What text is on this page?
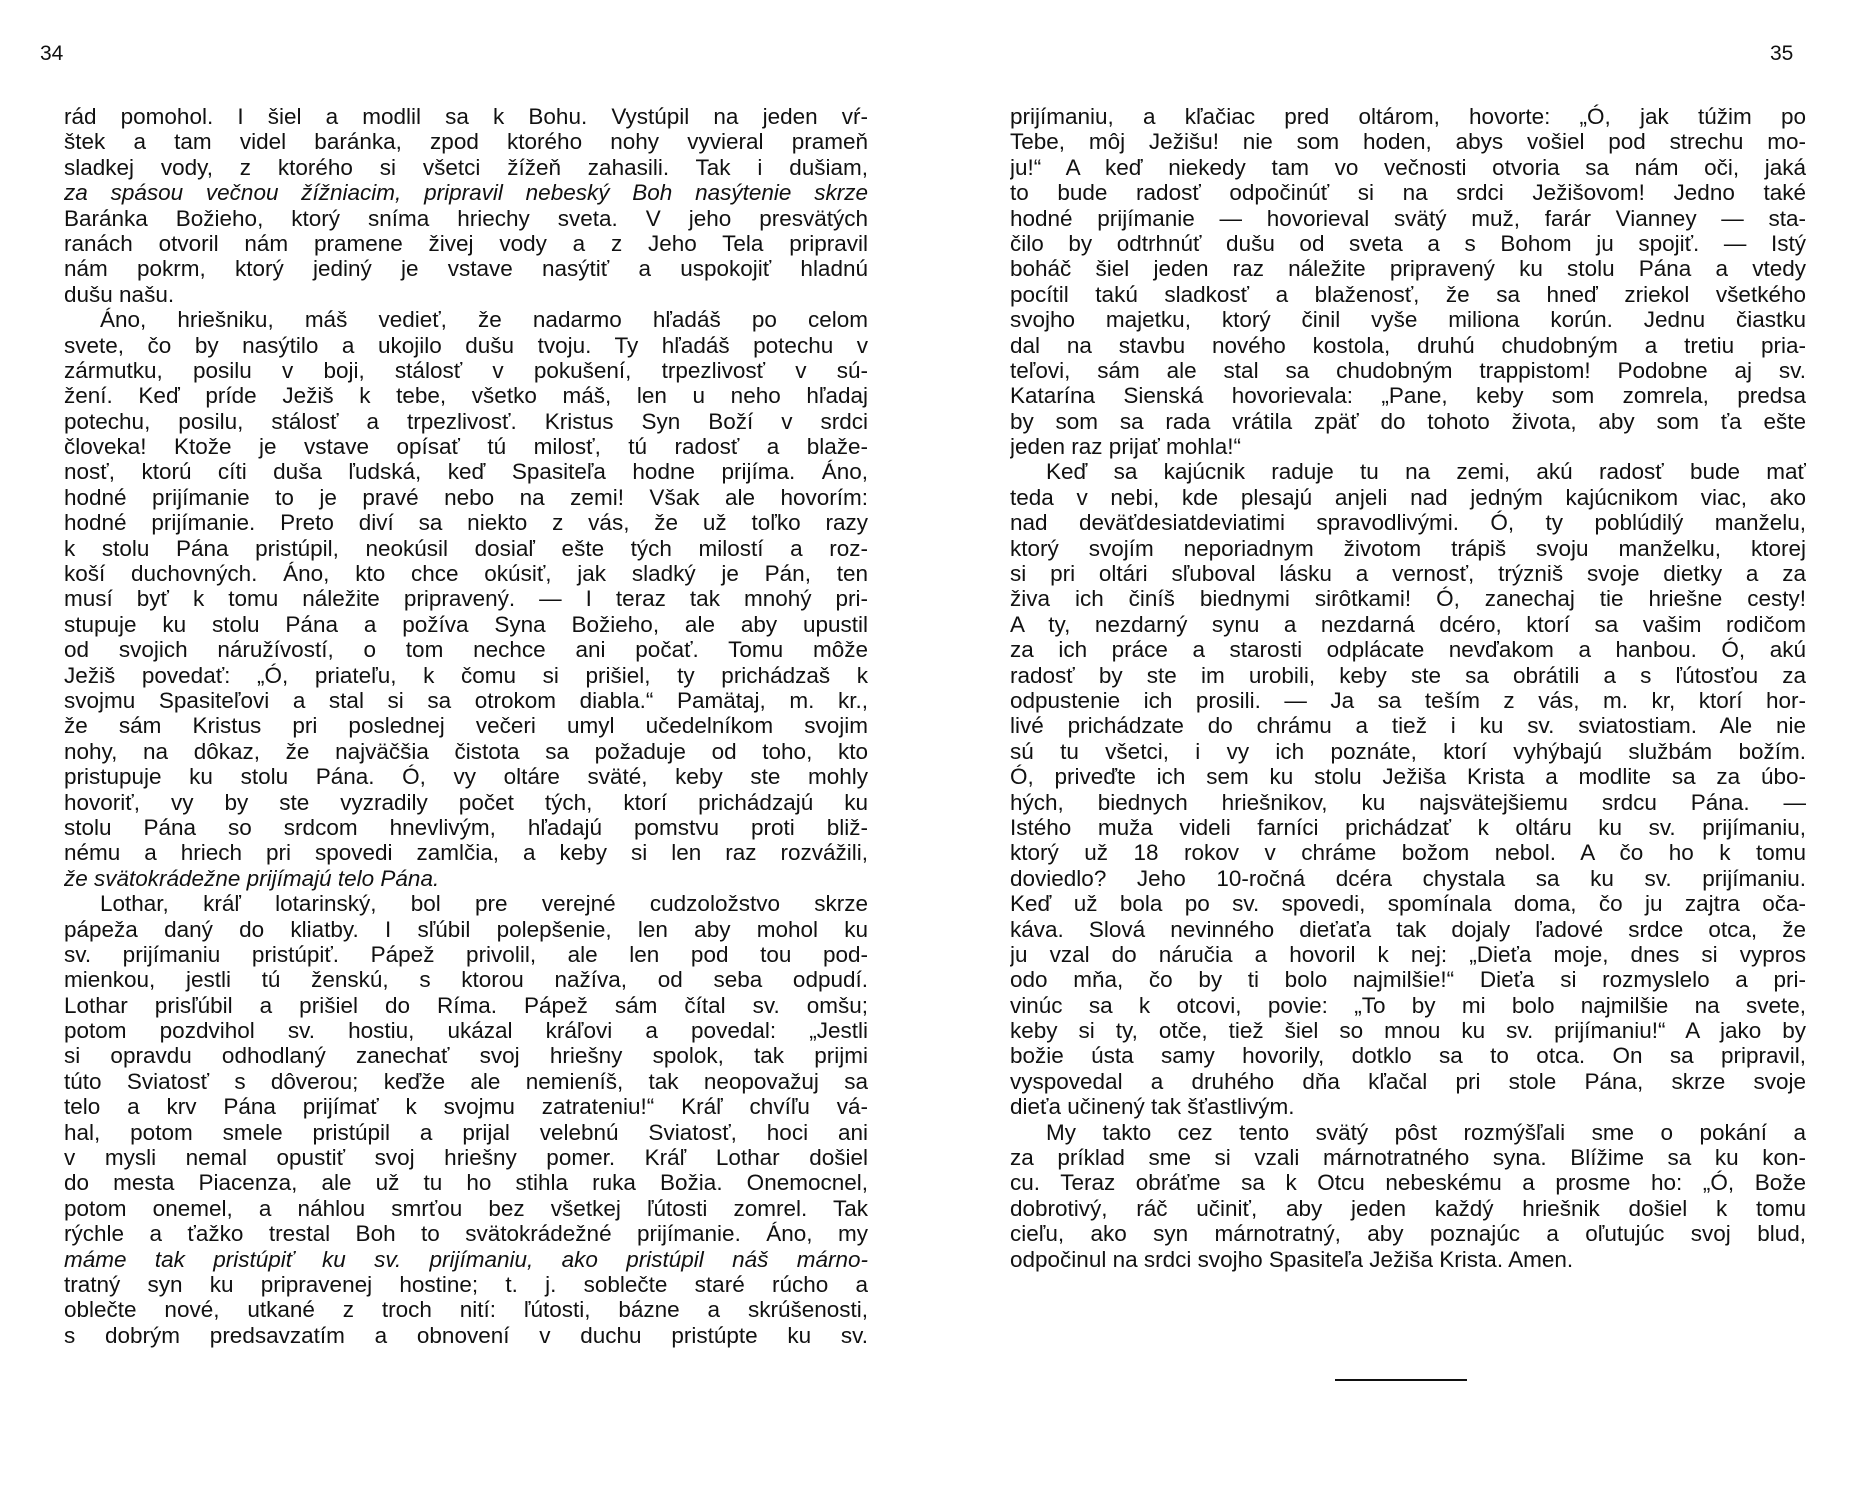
34	35
rád pomohol. I šiel a modlil sa k Bohu. Vystúpil na jeden vŕ-
štek a tam videl baránka, zpod ktorého nohy vyvieral prameň
sladkej vody, z ktorého si všetci žížeň zahasili. Tak i dušiam,
za spásou večnou žížniacim, pripravil nebeský Boh nasýtenie skrze
Baránka Božieho, ktorý sníma hriechy sveta. V jeho presvätých
ranách otvoril nám pramene živej vody a z Jeho Tela pripravil
nám pokrm, ktorý jediný je vstave nasýtiť a uspokojiť hladnú
dušu našu.
Áno, hriešniku, máš vedieť, že nadarmo hľadáš po celom
svete, čo by nasýtilo a ukojilo dušu tvoju. Ty hľadáš potechu v
zármutku, posilu v boji, stálosť v pokušení, trpezlivosť v sú-
žení. Keď príde Ježiš k tebe, všetko máš, len u neho hľadaj
potechu, posilu, stálosť a trpezlivosť. Kristus Syn Boží v srdci
človeka! Ktože je vstave opísať tú milosť, tú radosť a blaže-
nosť, ktorú cíti duša ľudská, keď Spasiteľa hodne prijíma. Áno,
hodné prijímanie to je pravé nebo na zemi! Však ale hovorím:
hodné prijímanie. Preto diví sa niekto z vás, že už toľko razy
k stolu Pána pristúpil, neokúsil dosiaľ ešte tých milostí a roz-
koší duchovných. Áno, kto chce okúsiť, jak sladký je Pán, ten
musí byť k tomu náležite pripravený. — I teraz tak mnohý pri-
stupuje ku stolu Pána a požíva Syna Božieho, ale aby upustil
od svojich náružívostí, o tom nechce ani počať. Tomu môže
Ježiš povedať: „Ó, priateľu, k čomu si prišiel, ty prichádzaš k
svojmu Spasiteľovi a stal si sa otrokom diabla.“ Pamätaj, m. kr.,
že sám Kristus pri poslednej večeri umyl učedelníkom svojim
nohy, na dôkaz, že najväčšia čistota sa požaduje od toho, kto
pristupuje ku stolu Pána. Ó, vy oltáre sväté, keby ste mohly
hovoriť, vy by ste vyzradily počet tých, ktorí prichádzajú ku
stolu Pána so srdcom hnevlivým, hľadajú pomstvu proti bliž-
nému a hriech pri spovedi zamlčia, a keby si len raz rozvážili,
že svätokrádežne prijímajú telo Pána.
Lothar, kráľ lotarinský, bol pre verejné cudzoložstvo skrze
pápeža daný do kliatby. I sľúbil polepšenie, len aby mohol ku
sv. prijímaniu pristúpiť. Pápež privolil, ale len pod tou pod-
mienkou, jestli tú ženskú, s ktorou nažíva, od seba odpudí.
Lothar prisľúbil a prišiel do Ríma. Pápež sám čítal sv. omšu;
potom pozdvihol sv. hostiu, ukázal kráľovi a povedal: „Jestli
si opravdu odhodlaný zanechať svoj hriešny spolok, tak prijmi
túto Sviatosť s dôverou; keďže ale nemieníš, tak neopovažuj sa
telo a krv Pána prijímať k svojmu zatrateniu!“ Kráľ chvíľu vá-
hal, potom smele pristúpil a prijal velebnú Sviatosť, hoci ani
v mysli nemal opustiť svoj hriešny pomer. Kráľ Lothar došiel
do mesta Piacenza, ale už tu ho stihla ruka Božia. Onemocnel,
potom onemel, a náhlou smrťou bez všetkej ľútosti zomrel. Tak
rýchle a ťažko trestal Boh to svätokrádežné prijímanie. Áno, my
máme tak pristúpiť ku sv. prijímaniu, ako pristúpil náš márno-
tratný syn ku pripravenej hostine; t. j. soblečte staré rúcho a
oblečte nové, utkané z troch nití: ľútosti, bázne a skrúšenosti,
s dobrým predsavzatím a obnovení v duchu pristúpte ku sv.
prijímaniu, a kľačiac pred oltárom, hovorte: „Ó, jak túžim po
Tebe, môj Ježišu! nie som hoden, abys vošiel pod strechu mo-
ju!“ A keď niekedy tam vo večnosti otvoria sa nám oči, jaká
to bude radosť odpočinúť si na srdci Ježišovom! Jedno také
hodné prijímanie — hovorieval svätý muž, farár Vianney — sta-
čilo by odtrhnúť dušu od sveta a s Bohom ju spojiť. — Istý
boháč šiel jeden raz náležite pripravený ku stolu Pána a vtedy
pocítil takú sladkosť a blaženosť, že sa hneď zriekol všetkého
svojho majetku, ktorý činil vyše miliona korún. Jednu čiastku
dal na stavbu nového kostola, druhú chudobným a tretiu pria-
teľovi, sám ale stal sa chudobným trappistom! Podobne aj sv.
Katarína Sienská hovorievala: „Pane, keby som zomrela, predsa
by som sa rada vrátila zpäť do tohoto života, aby som ťa ešte
jeden raz prijať mohla!“
Keď sa kajúcnik raduje tu na zemi, akú radosť bude mať
teda v nebi, kde plesajú anjeli nad jedným kajúcnikom viac, ako
nad deväťdesiatdeviatimi spravodlivými. Ó, ty poblúdilý manželu,
ktorý svojím neporiadnym životom trápiš svoju manželku, ktorej
si pri oltári sľuboval lásku a vernosť, trýzniš svoje dietky a za
živa ich činíš biednymi sirôtkami! Ó, zanechaj tie hriešne cesty!
A ty, nezdarný synu a nezdarná dcéro, ktorí sa vašim rodičom
za ich práce a starosti odplácate nevďakom a hanbou. Ó, akú
radosť by ste im urobili, keby ste sa obrátili a s ľútosťou za
odpustenie ich prosili. — Ja sa teším z vás, m. kr, ktorí hor-
livé prichádzate do chrámu a tiež i ku sv. sviatostiam. Ale nie
sú tu všetci, i vy ich poznáte, ktorí vyhýbajú službám božím.
Ó, priveďte ich sem ku stolu Ježiša Krista a modlite sa za úbo-
hých, biednych hriešnikov, ku najsvätejšiemu srdcu Pána. —
Istého muža videli farníci prichádzať k oltáru ku sv. prijímaniu,
ktorý už 18 rokov v chráme božom nebol. A čo ho k tomu
doviedlo? Jeho 10-ročná dcéra chystala sa ku sv. prijímaniu.
Keď už bola po sv. spovedi, spomínala doma, čo ju zajtra oča-
káva. Slová nevinného dieťaťa tak dojaly ľadové srdce otca, že
ju vzal do náručia a hovoril k nej: „Dieťa moje, dnes si vypros
odo mňa, čo by ti bolo najmilšie!“ Dieťa si rozmyslelo a pri-
vinúc sa k otcovi, povie: „To by mi bolo najmilšie na svete,
keby si ty, otče, tiež šiel so mnou ku sv. prijímaniu!“ A jako by
božie ústa samy hovorily, dotklo sa to otca. On sa pripravil,
vyspovedal a druhého dňa kľačal pri stole Pána, skrze svoje
dieťa učinený tak šťastlivým.
My takto cez tento svätý pôst rozmýšľali sme o pokání a
za príklad sme si vzali márnotratného syna. Blížime sa ku kon-
cu. Teraz obráťme sa k Otcu nebeskému a prosme ho: „Ó, Bože
dobrotivý, ráč učiniť, aby jeden každý hriešnik došiel k tomu
cieľu, ako syn márnotratný, aby poznajúc a oľutujúc svoj blud,
odpočinul na srdci svojho Spasiteľa Ježiša Krista. Amen.
